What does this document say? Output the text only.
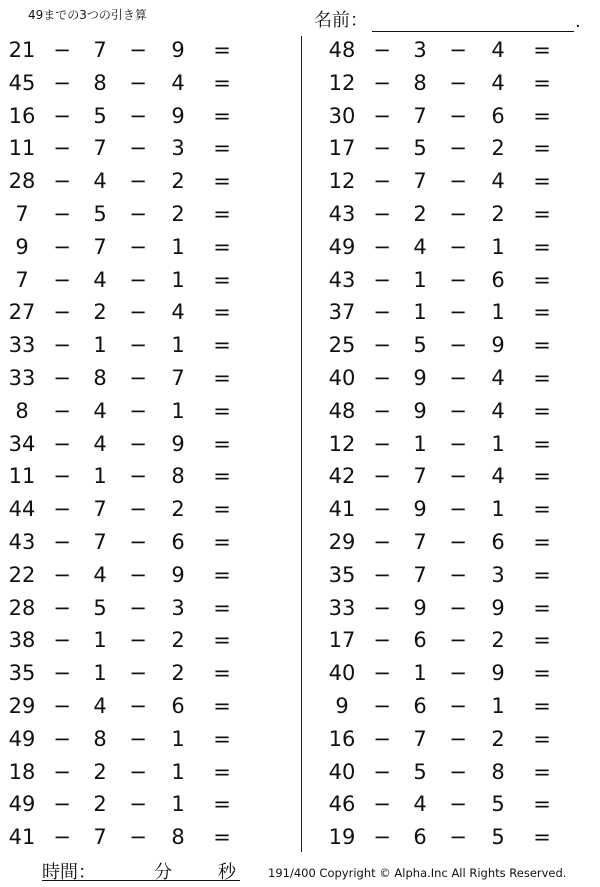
49までの3つの引き算	名前：	.
21 −	7	−	9	=
45 −	8	−	4	=
16 −	5	−	9	=
11 −	7	−	3	=
28 −	4	−	2	=
7	−	5	−	2	=
9	−	7	−	1	=
7	−	4	−	1	=
27 −	2	−	4	=
33 −	1	−	1	=
33 −	8	−	7	=
8	−	4	−	1	=
34 −	4	−	9	=
11 −	1	−	8	=
44 −	7	−	2	=
43 −	7	−	6	=
22 −	4	−	9	=
28 −	5	−	3	=
38 −	1	−	2	=
35 −	1	−	2	=
29 −	4	−	6	=
49 −	8	−	1	=
18 −	2	−	1	=
49 −	2	−	1	=
41 −	7	−	8	=
48 −	3	−	4	=
12 −	8	−	4	=
30 −	7	−	6	=
17 −	5	−	2	=
12 −	7	−	4	=
43 −	2	−	2	=
49 −	4	−	1	=
43 −	1	−	6	=
37 −	1	−	1	=
25 −	5	−	9	=
40 −	9	−	4	=
48 −	9	−	4	=
12 −	1	−	1	=
42 −	7	−	4	=
41 −	9	−	1	=
29 −	7	−	6	=
35 −	7	−	3	=
33 −	9	−	9	=
17 −	6	−	2	=
40 −	1	−	9	=
9	−	6	−	1	=
16 −	7	−	2	=
40 −	5	−	8	=
46 −	4	−	5	=
19 −	6	−	5	=
時間：	分	秒	191/400 Copyright © Alpha.Inc All Rights Reserved.
